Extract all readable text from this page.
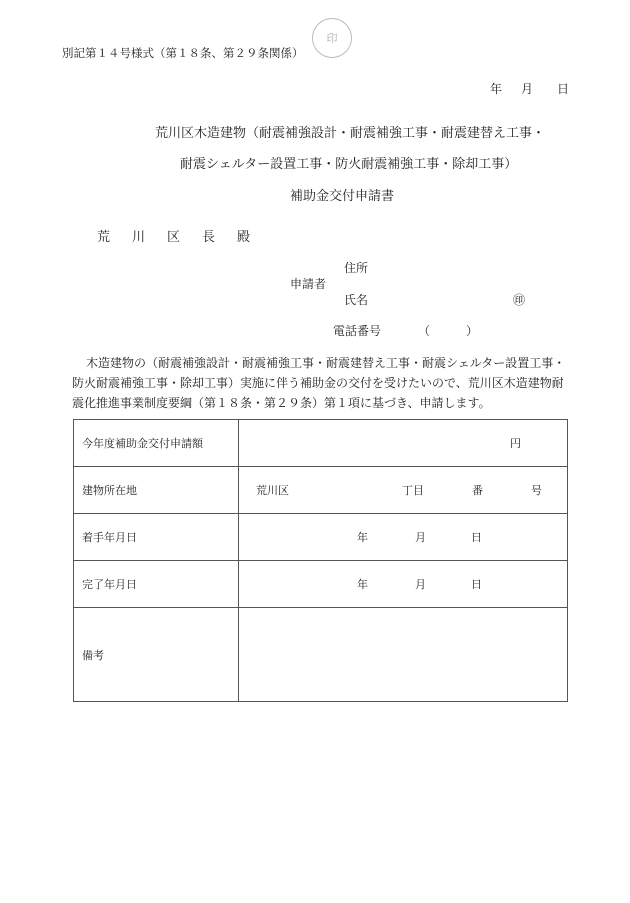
印
別記第１４号様式（第１８条、第２９条関係）
年 月 日
荒川区木造建物（耐震補強設計・耐震補強工事・耐震建替え工事・
耐震シェルター設置工事・防火耐震補強工事・除却工事）
補助金交付申請書
荒 川 区 長 殿
住所
申請者
氏名	㊞
電話番号	（	）
木造建物の（耐震補強設計・耐震補強工事・耐震建替え工事・耐震シェルター設置工事・防火耐震補強工事・除却工事）実施に伴う補助金の交付を受けたいので、荒川区木造建物耐震化推進事業制度要綱（第１８条・第２９条）第１項に基づき、申請します。
今年度補助金交付申請額	円

建物所在地	荒川区 丁目 番 号

着手年月日	年 月 日

完了年月日	年 月 日

備考	
